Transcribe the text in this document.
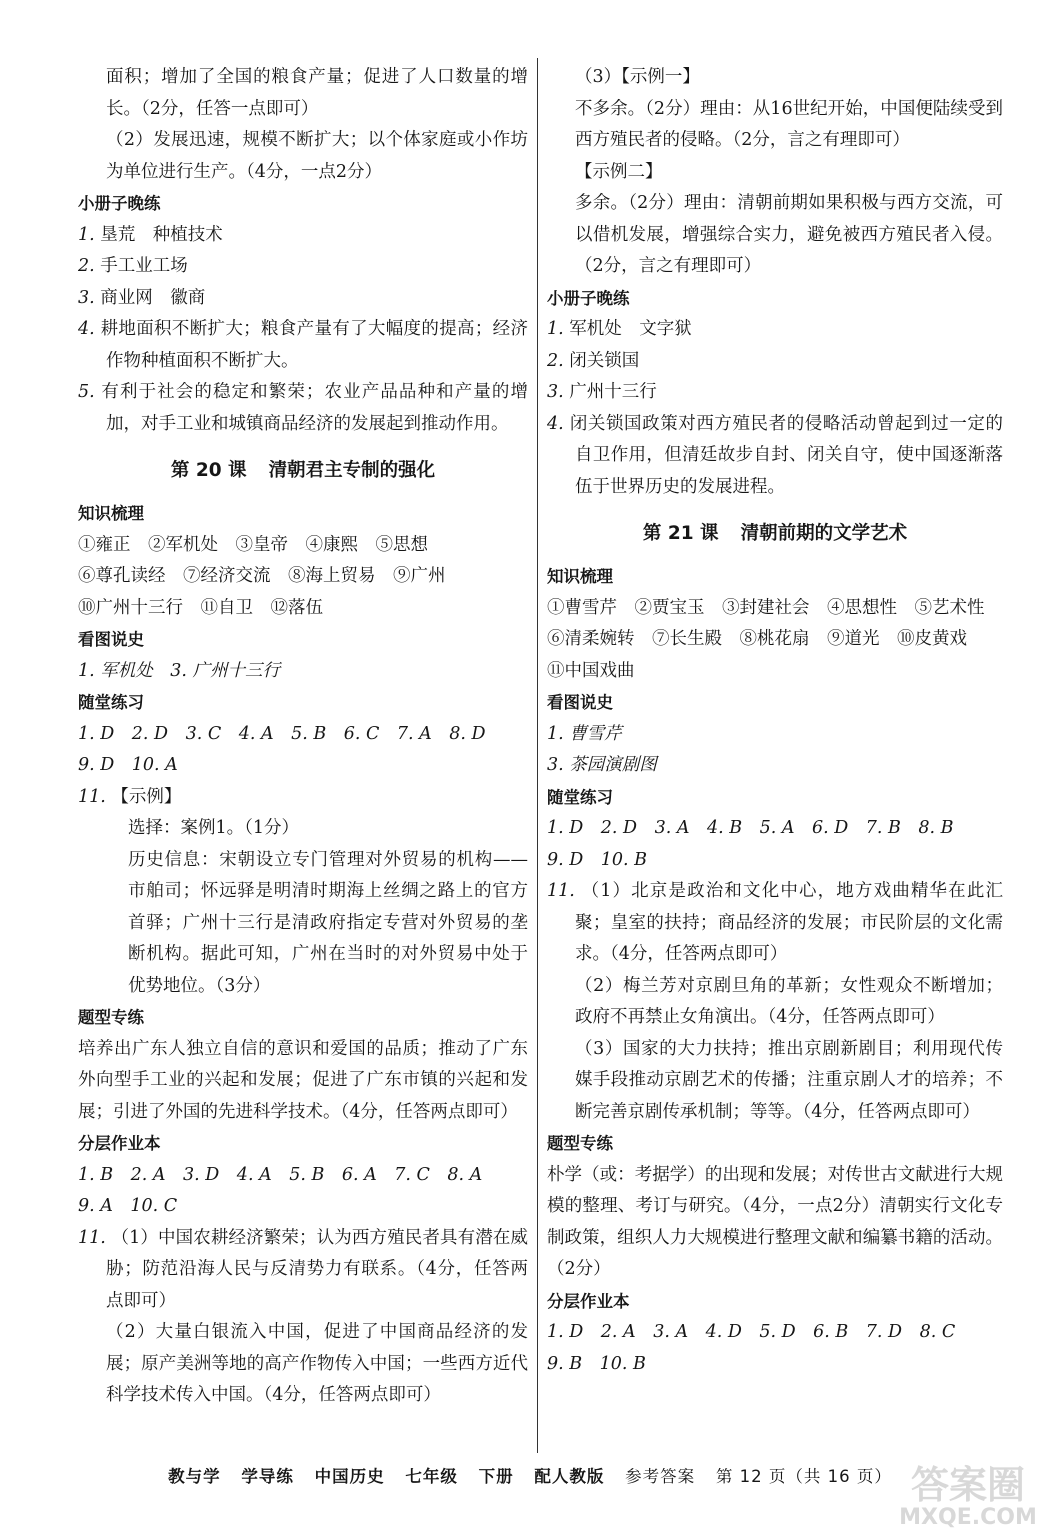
面积；增加了全国的粮食产量；促进了人口数量的增长。（2分，任答一点即可）

（2）发展迅速，规模不断扩大；以个体家庭或小作坊为单位进行生产。（4分，一点2分）

小册子晚练

1. 垦荒　种植技术

2. 手工业工场

3. 商业网　徽商

4. 耕地面积不断扩大；粮食产量有了大幅度的提高；经济作物种植面积不断扩大。

5. 有利于社会的稳定和繁荣；农业产品品种和产量的增加，对手工业和城镇商品经济的发展起到推动作用。

第 20 课 清朝君主专制的强化

知识梳理

①雍正　②军机处　③皇帝　④康熙　⑤思想

⑥尊孔读经　⑦经济交流　⑧海上贸易　⑨广州

⑩广州十三行　⑪自卫　⑫落伍

看图说史

1. 军机处　3. 广州十三行

随堂练习

1. D　2. D　3. C　4. A　5. B　6. C　7. A　8. D

9. D　10. A

11. 【示例】

选择：案例1。（1分）

历史信息：宋朝设立专门管理对外贸易的机构——市舶司；怀远驿是明清时期海上丝绸之路上的官方首驿；广州十三行是清政府指定专营对外贸易的垄断机构。据此可知，广州在当时的对外贸易中处于优势地位。（3分）

题型专练

培养出广东人独立自信的意识和爱国的品质；推动了广东外向型手工业的兴起和发展；促进了广东市镇的兴起和发展；引进了外国的先进科学技术。（4分，任答两点即可）

分层作业本

1. B　2. A　3. D　4. A　5. B　6. A　7. C　8. A

9. A　10. C

11. （1）中国农耕经济繁荣；认为西方殖民者具有潜在威胁；防范沿海人民与反清势力有联系。（4分，任答两点即可）

（2）大量白银流入中国，促进了中国商品经济的发展；原产美洲等地的高产作物传入中国；一些西方近代科学技术传入中国。（4分，任答两点即可）

（3）【示例一】

不多余。（2分）理由：从16世纪开始，中国便陆续受到西方殖民者的侵略。（2分，言之有理即可）

【示例二】

多余。（2分）理由：清朝前期如果积极与西方交流，可以借机发展，增强综合实力，避免被西方殖民者入侵。（2分，言之有理即可）

小册子晚练

1. 军机处　文字狱

2. 闭关锁国

3. 广州十三行

4. 闭关锁国政策对西方殖民者的侵略活动曾起到过一定的自卫作用，但清廷故步自封、闭关自守，使中国逐渐落伍于世界历史的发展进程。

第 21 课 清朝前期的文学艺术

知识梳理

①曹雪芹　②贾宝玉　③封建社会　④思想性　⑤艺术性

⑥清柔婉转　⑦长生殿　⑧桃花扇　⑨道光　⑩皮黄戏

⑪中国戏曲

看图说史

1. 曹雪芹

3. 茶园演剧图

随堂练习

1. D　2. D　3. A　4. B　5. A　6. D　7. B　8. B

9. D　10. B

11. （1）北京是政治和文化中心，地方戏曲精华在此汇聚；皇室的扶持；商品经济的发展；市民阶层的文化需求。（4分，任答两点即可）

（2）梅兰芳对京剧旦角的革新；女性观众不断增加；政府不再禁止女角演出。（4分，任答两点即可）

（3）国家的大力扶持；推出京剧新剧目；利用现代传媒手段推动京剧艺术的传播；注重京剧人才的培养；不断完善京剧传承机制；等等。（4分，任答两点即可）

题型专练

朴学（或：考据学）的出现和发展；对传世古文献进行大规模的整理、考订与研究。（4分，一点2分）清朝实行文化专制政策，组织人力大规模进行整理文献和编纂书籍的活动。（2分）

分层作业本

1. D　2. A　3. A　4. D　5. D　6. B　7. D　8. C

9. B　10. B

教与学 学导练 中国历史 七年级 下册 配人教版 参考答案 第 12 页（共 16 页） 答案圈
MXQE.COM
